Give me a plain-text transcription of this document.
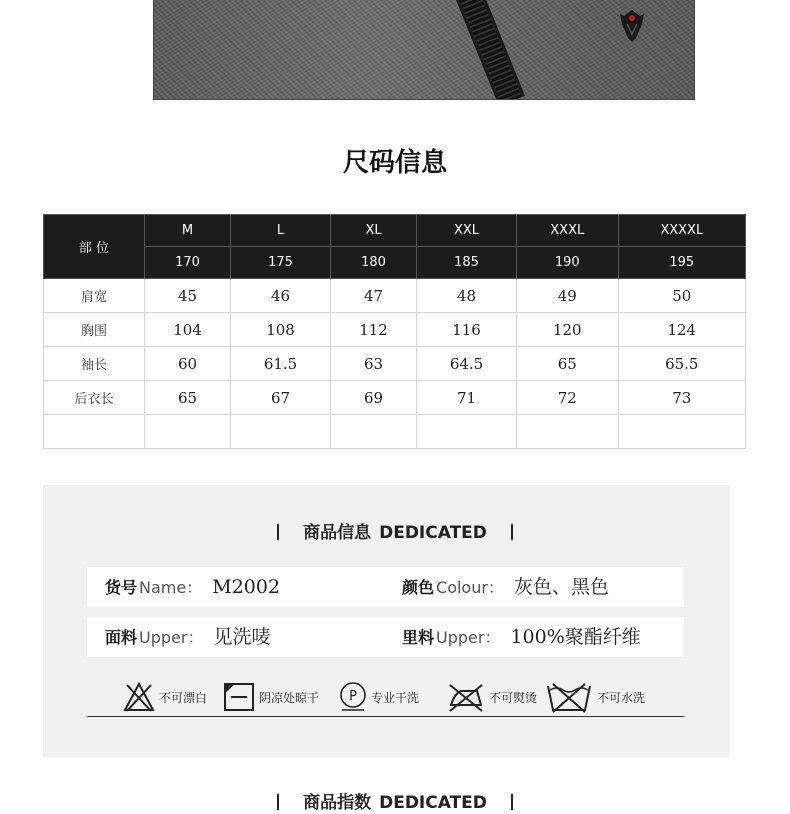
尺码信息
部 位	M	L	XL	XXL	XXXL	XXXXL
	170	175	180	185	190	195
肩宽	45	46	47	48	49	50
胸围	104	108	112	116	120	124
袖长	60	61.5	63	64.5	65	65.5
后衣长	65	67	69	71	72	73

商品信息 DEDICATED
货号 Name： M2002	颜色 Colour： 灰色、黑色
面料 Upper： 见洗唛	里料 Upper： 100%聚酯纤维
不可漂白	阴凉处晾干 P 专业干洗	不可熨烫	不可水洗
商品指数 DEDICATED
